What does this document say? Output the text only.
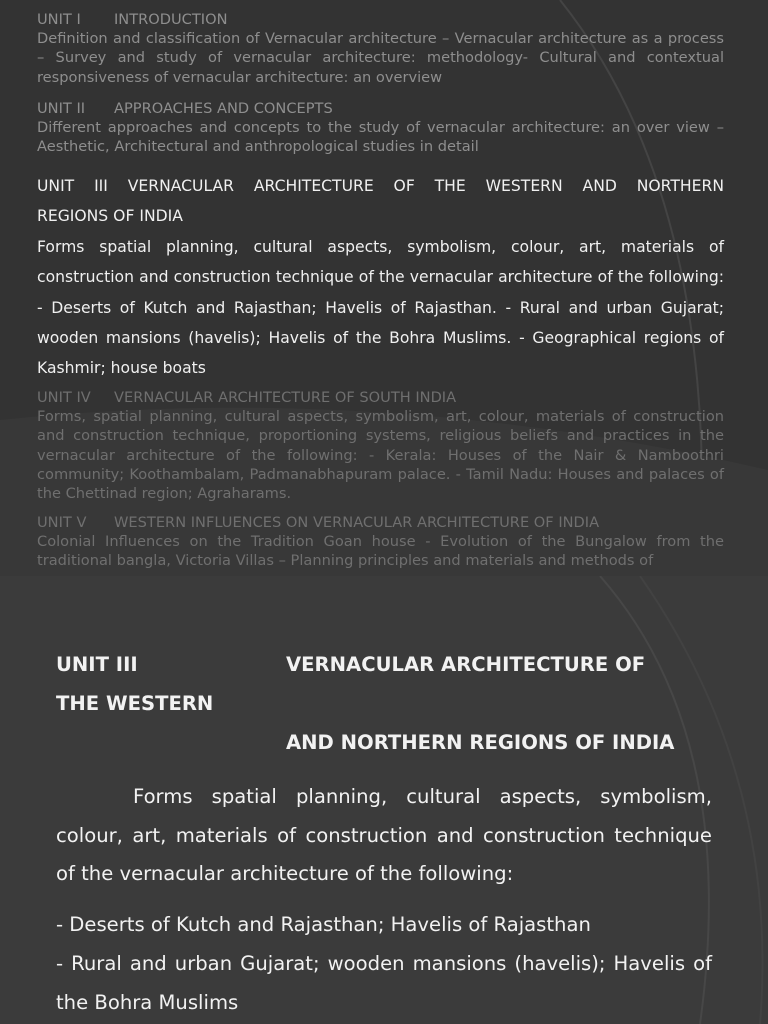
UNIT I INTRODUCTION
Definition and classification of Vernacular architecture – Vernacular architecture as a process – Survey and study of vernacular architecture: methodology- Cultural and contextual responsiveness of vernacular architecture: an overview
UNIT II APPROACHES AND CONCEPTS
Different approaches and concepts to the study of vernacular architecture: an over view – Aesthetic, Architectural and anthropological studies in detail
UNIT III VERNACULAR ARCHITECTURE OF THE WESTERN AND NORTHERN
REGIONS OF INDIA
Forms spatial planning, cultural aspects, symbolism, colour, art, materials of construction and construction technique of the vernacular architecture of the following: - Deserts of Kutch and Rajasthan; Havelis of Rajasthan. - Rural and urban Gujarat; wooden mansions (havelis); Havelis of the Bohra Muslims. - Geographical regions of Kashmir; house boats
UNIT IV VERNACULAR ARCHITECTURE OF SOUTH INDIA
Forms, spatial planning, cultural aspects, symbolism, art, colour, materials of construction and construction technique, proportioning systems, religious beliefs and practices in the vernacular architecture of the following: - Kerala: Houses of the Nair & Namboothri community; Koothambalam, Padmanabhapuram palace. - Tamil Nadu: Houses and palaces of the Chettinad region; Agraharams.
UNIT V WESTERN INFLUENCES ON VERNACULAR ARCHITECTURE OF INDIA
Colonial Influences on the Tradition Goan house - Evolution of the Bungalow from the traditional bangla, Victoria Villas – Planning principles and materials and methods of
UNIT III	VERNACULAR ARCHITECTURE OF
THE WESTERN
AND NORTHERN REGIONS OF INDIA
Forms spatial planning, cultural aspects, symbolism, colour, art, materials of construction and construction technique of the vernacular architecture of the following:
- Deserts of Kutch and Rajasthan; Havelis of Rajasthan
- Rural and urban Gujarat; wooden mansions (havelis); Havelis of the Bohra Muslims
